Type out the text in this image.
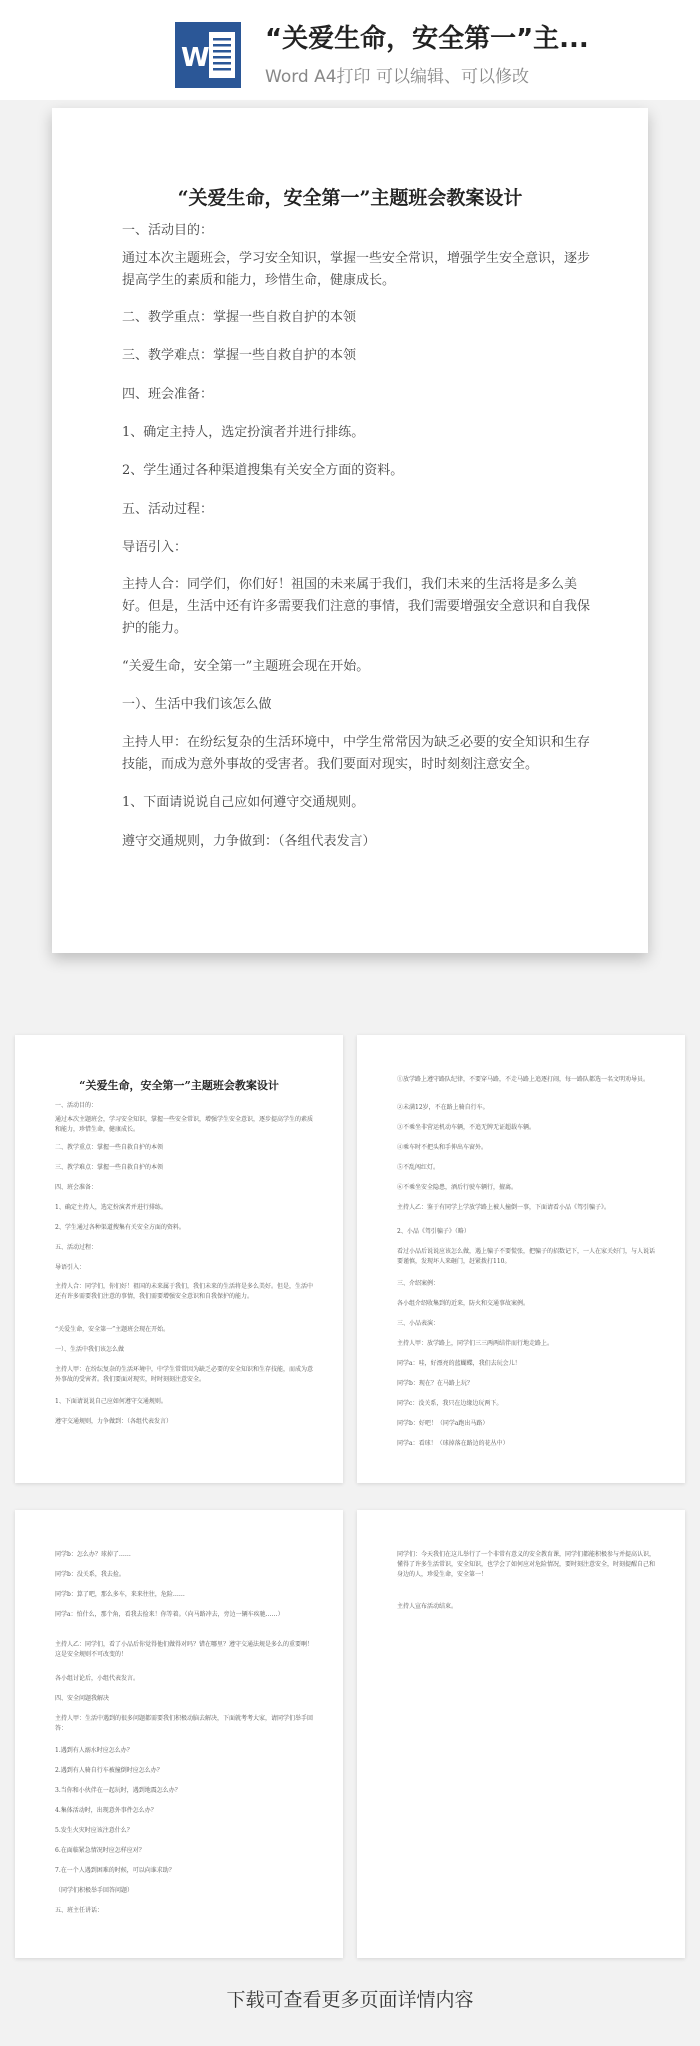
W
“关爱生命，安全第一”主...
Word A4打印 可以编辑、可以修改
“关爱生命，安全第一”主题班会教案设计
一、活动目的：
通过本次主题班会，学习安全知识，掌握一些安全常识，增强学生安全意识，逐步提高学生的素质和能力，珍惜生命，健康成长。
二、教学重点：掌握一些自救自护的本领
三、教学难点：掌握一些自救自护的本领
四、班会准备：
1、确定主持人，选定扮演者并进行排练。
2、学生通过各种渠道搜集有关安全方面的资料。
五、活动过程：
导语引入：
主持人合：同学们，你们好！祖国的未来属于我们，我们未来的生活将是多么美好。但是，生活中还有许多需要我们注意的事情，我们需要增强安全意识和自我保护的能力。
“关爱生命，安全第一”主题班会现在开始。
一）、生活中我们该怎么做
主持人甲：在纷纭复杂的生活环境中，中学生常常因为缺乏必要的安全知识和生存技能，而成为意外事故的受害者。我们要面对现实，时时刻刻注意安全。
1、下面请说说自己应如何遵守交通规则。
遵守交通规则，力争做到：（各组代表发言）
“关爱生命，安全第一”主题班会教案设计
一、活动目的：
通过本次主题班会，学习安全知识，掌握一些安全常识，增强学生安全意识，逐步提高学生的素质和能力，珍惜生命，健康成长。
二、教学重点：掌握一些自救自护的本领
三、教学难点：掌握一些自救自护的本领
四、班会准备：
1、确定主持人，选定扮演者并进行排练。
2、学生通过各种渠道搜集有关安全方面的资料。
五、活动过程：
导语引入：
主持人合：同学们，你们好！祖国的未来属于我们，我们未来的生活将是多么美好。但是，生活中还有许多需要我们注意的事情，我们需要增强安全意识和自我保护的能力。
“关爱生命，安全第一”主题班会现在开始。
一）、生活中我们该怎么做
主持人甲：在纷纭复杂的生活环境中，中学生常常因为缺乏必要的安全知识和生存技能，而成为意外事故的受害者。我们要面对现实，时时刻刻注意安全。
1、下面请说说自己应如何遵守交通规则。
遵守交通规则，力争做到：（各组代表发言）
①放学路上遵守路队纪律，不要穿马路，不走马路上追逐打闹，每一路队都选一名文明劝导员。
②未满12岁，不在路上骑自行车。
③不乘坐非营运机动车辆，不追无牌无证超载车辆。
④乘车时不把头和手伸出车窗外。
⑤不乱闯红灯。
⑥不乘坐安全隐患，酒后行驶车辆行，擅离。
主持人乙：鉴于有同学上学放学路上被人撞倒一事，下面请看小品《驾引骗子》。
2、小品《驾引骗子》（略）
看过小品后说说应该怎么做，遇上骗子不要慌张，把骗子的招数记下，一人在家关好门，与人说话要谨慎，发现坏人来砸门，赶紧拨打110。
三、介绍案例：
各小组介绍收集到的近来，防火和交通事故案例。
三、小品表演：
主持人甲：放学路上，同学们三三两两结伴而行地走路上。
同学a：哇，好漂亮的蓝蝴蝶，我们去玩会儿！
同学b：现在？在马路上玩？
同学c：没关系，我只在边缘边玩两下。
同学b：好吧！（同学a跑出马路）
同学a：看球！（球掉落在路边的花丛中）
同学b：怎么办？球掉了……
同学b：没关系，我去捡。
同学b：算了吧，那么多车，来来往往，危险……
同学a：怕什么，那个角，看我去捡来！你等着。（向马路冲去，旁边一辆车疾驰……）
主持人乙：同学们，看了小品后你觉得他们做得对吗？错在哪里？遵守交通法规是多么的重要啊！这是安全规则不可改变的！
各小组讨论后，小组代表发言。
四、安全问题我解决
主持人甲：生活中遇到的很多问题都需要我们积极动脑去解决，下面就考考大家，请同学们举手回答：
1.遇到有人溺水时应怎么办？
2.遇到有人骑自行车被撞倒时应怎么办？
3.当你和小伙伴在一起玩时，遇到地震怎么办？
4.集体活动时，出现意外事件怎么办？
5.发生火灾时应该注意什么？
6.在面临紧急情况时应怎样应对？
7.在一个人遇到困难的时候，可以向谁求助？
（同学们积极举手回答问题）
五、班主任讲话：
同学们：今天我们在这儿举行了一个非常有意义的安全教育课，同学们都能积极参与并提高认识，懂得了许多生活常识，安全知识，也学会了如何应对危险情况，要时刻注意安全，时刻提醒自己和身边的人，珍爱生命，安全第一！
主持人宣布活动结束。
下载可查看更多页面详情内容
